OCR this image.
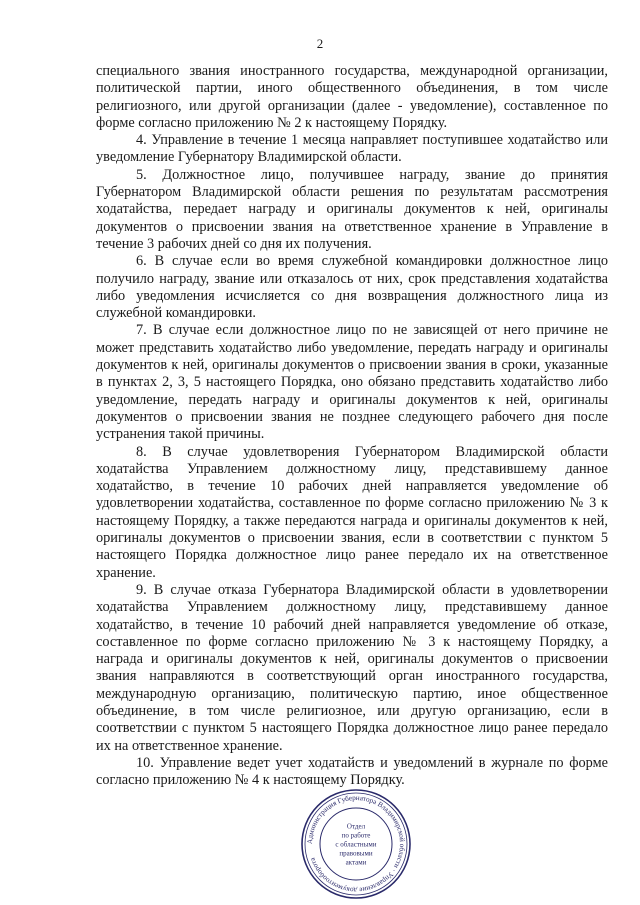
2

специального звания иностранного государства, международной организации, политической партии, иного общественного объединения, в том числе религиозного, или другой организации (далее - уведомление), составленное по форме согласно приложению № 2 к настоящему Порядку.

4. Управление в течение 1 месяца направляет поступившее ходатайство или уведомление Губернатору Владимирской области.

5. Должностное лицо, получившее награду, звание до принятия Губернатором Владимирской области решения по результатам рассмотрения ходатайства, передает награду и оригиналы документов к ней, оригиналы документов о присвоении звания на ответственное хранение в Управление в течение 3 рабочих дней со дня их получения.

6. В случае если во время служебной командировки должностное лицо получило награду, звание или отказалось от них, срок представления ходатайства либо уведомления исчисляется со дня возвращения должностного лица из служебной командировки.

7. В случае если должностное лицо по не зависящей от него причине не может представить ходатайство либо уведомление, передать награду и оригиналы документов к ней, оригиналы документов о присвоении звания в сроки, указанные в пунктах 2, 3, 5 настоящего Порядка, оно обязано представить ходатайство либо уведомление, передать награду и оригиналы документов к ней, оригиналы документов о присвоении звания не позднее следующего рабочего дня после устранения такой причины.

8. В случае удовлетворения Губернатором Владимирской области ходатайства Управлением должностному лицу, представившему данное ходатайство, в течение 10 рабочих дней направляется уведомление об удовлетворении ходатайства, составленное по форме согласно приложению № 3 к настоящему Порядку, а также передаются награда и оригиналы документов к ней, оригиналы документов о присвоении звания, если в соответствии с пунктом 5 настоящего Порядка должностное лицо ранее передало их на ответственное хранение.

9. В случае отказа Губернатора Владимирской области в удовлетворении ходатайства Управлением должностному лицу, представившему данное ходатайство, в течение 10 рабочий дней направляется уведомление об отказе, составленное по форме согласно приложению № 3 к настоящему Порядку, а награда и оригиналы документов к ней, оригиналы документов о присвоении звания направляются в соответствующий орган иностранного государства, международную организацию, политическую партию, иное общественное объединение, в том числе религиозное, или другую организацию, если в соответствии с пунктом 5 настоящего Порядка должностное лицо ранее передало их на ответственное хранение.

10. Управление ведет учет ходатайств и уведомлений в журнале по форме согласно приложению № 4 к настоящему Порядку.

Администрация Губернатора Владимирской области · Управление документооборота
Отдел
по работе
с областными
правовыми
актами
